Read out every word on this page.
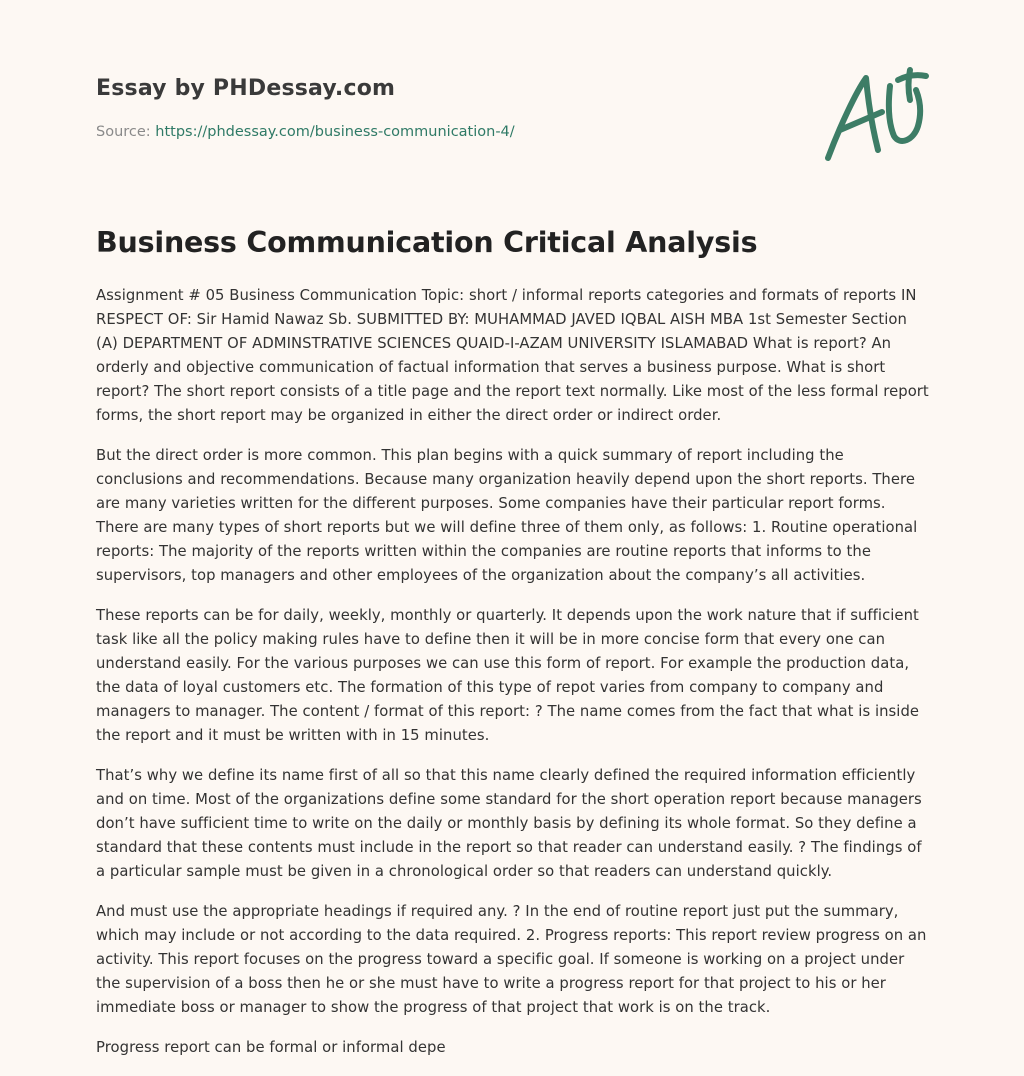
Essay by PHDessay.com

Source: https://phdessay.com/business-communication-4/

Business Communication Critical Analysis

Assignment # 05 Business Communication Topic: short / informal reports categories and formats of reports IN RESPECT OF: Sir Hamid Nawaz Sb. SUBMITTED BY: MUHAMMAD JAVED IQBAL AISH MBA 1st Semester Section (A) DEPARTMENT OF ADMINSTRATIVE SCIENCES QUAID-I-AZAM UNIVERSITY ISLAMABAD What is report? An orderly and objective communication of factual information that serves a business purpose. What is short report? The short report consists of a title page and the report text normally. Like most of the less formal report forms, the short report may be organized in either the direct order or indirect order.

But the direct order is more common. This plan begins with a quick summary of report including the conclusions and recommendations. Because many organization heavily depend upon the short reports. There are many varieties written for the different purposes. Some companies have their particular report forms. There are many types of short reports but we will define three of them only, as follows: 1. Routine operational reports: The majority of the reports written within the companies are routine reports that informs to the supervisors, top managers and other employees of the organization about the company’s all activities.

These reports can be for daily, weekly, monthly or quarterly. It depends upon the work nature that if sufficient task like all the policy making rules have to define then it will be in more concise form that every one can understand easily. For the various purposes we can use this form of report. For example the production data, the data of loyal customers etc. The formation of this type of repot varies from company to company and managers to manager. The content / format of this report: ? The name comes from the fact that what is inside the report and it must be written with in 15 minutes.

That’s why we define its name first of all so that this name clearly defined the required information efficiently and on time. Most of the organizations define some standard for the short operation report because managers don’t have sufficient time to write on the daily or monthly basis by defining its whole format. So they define a standard that these contents must include in the report so that reader can understand easily. ? The findings of a particular sample must be given in a chronological order so that readers can understand quickly.

And must use the appropriate headings if required any. ? In the end of routine report just put the summary, which may include or not according to the data required. 2. Progress reports: This report review progress on an activity. This report focuses on the progress toward a specific goal. If someone is working on a project under the supervision of a boss then he or she must have to write a progress report for that project to his or her immediate boss or manager to show the progress of that project that work is on the track.

Progress report can be formal or informal depe
